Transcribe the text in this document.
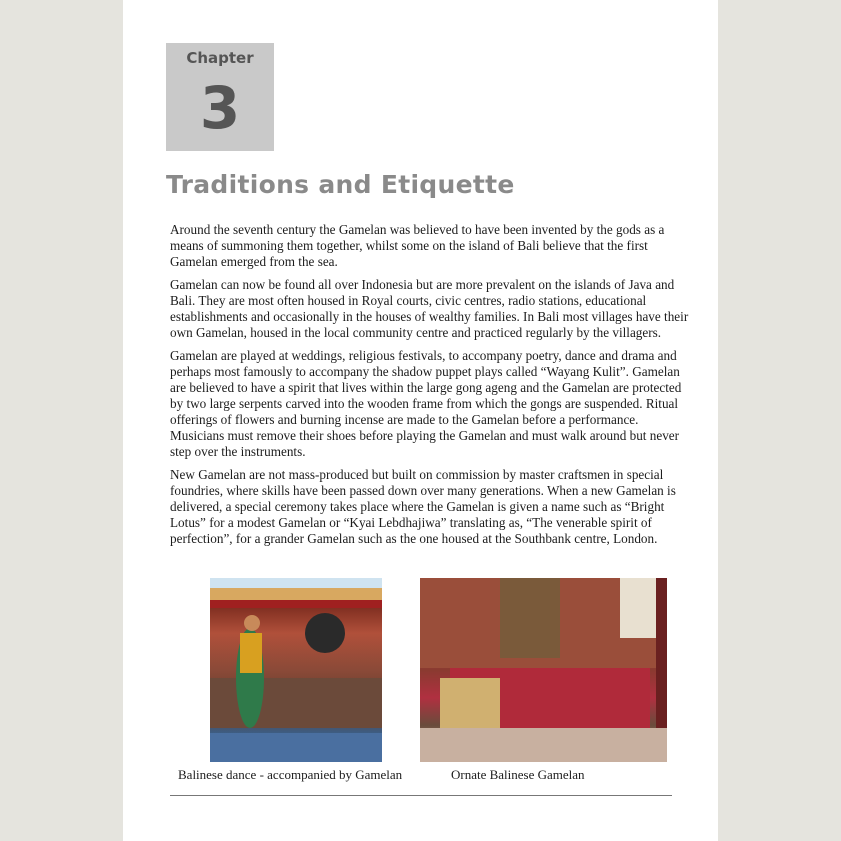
Chapter
3
Traditions and Etiquette

Around the seventh century the Gamelan was believed to have been invented by the gods as a
means of summoning them together, whilst some on the island of Bali believe that the first
Gamelan emerged from the sea.

Gamelan can now be found all over Indonesia but are more prevalent on the islands of Java and
Bali. They are most often housed in Royal courts, civic centres, radio stations, educational
establishments and occasionally in the houses of wealthy families. In Bali most villages have their
own Gamelan, housed in the local community centre and practiced regularly by the villagers.

Gamelan are played at weddings, religious festivals, to accompany poetry, dance and drama and
perhaps most famously to accompany the shadow puppet plays called “Wayang Kulit”. Gamelan
are believed to have a spirit that lives within the large gong ageng and the Gamelan are protected
by two large serpents carved into the wooden frame from which the gongs are suspended. Ritual
offerings of flowers and burning incense are made to the Gamelan before a performance.
Musicians must remove their shoes before playing the Gamelan and must walk around but never
step over the instruments.

New Gamelan are not mass-produced but built on commission by master craftsmen in special
foundries, where skills have been passed down over many generations. When a new Gamelan is
delivered, a special ceremony takes place where the Gamelan is given a name such as “Bright
Lotus” for a modest Gamelan or “Kyai Lebdhajiwa” translating as, “The venerable spirit of
perfection”, for a grander Gamelan such as the one housed at the Southbank centre, London.

Balinese dance - accompanied by Gamelan	Ornate Balinese Gamelan
